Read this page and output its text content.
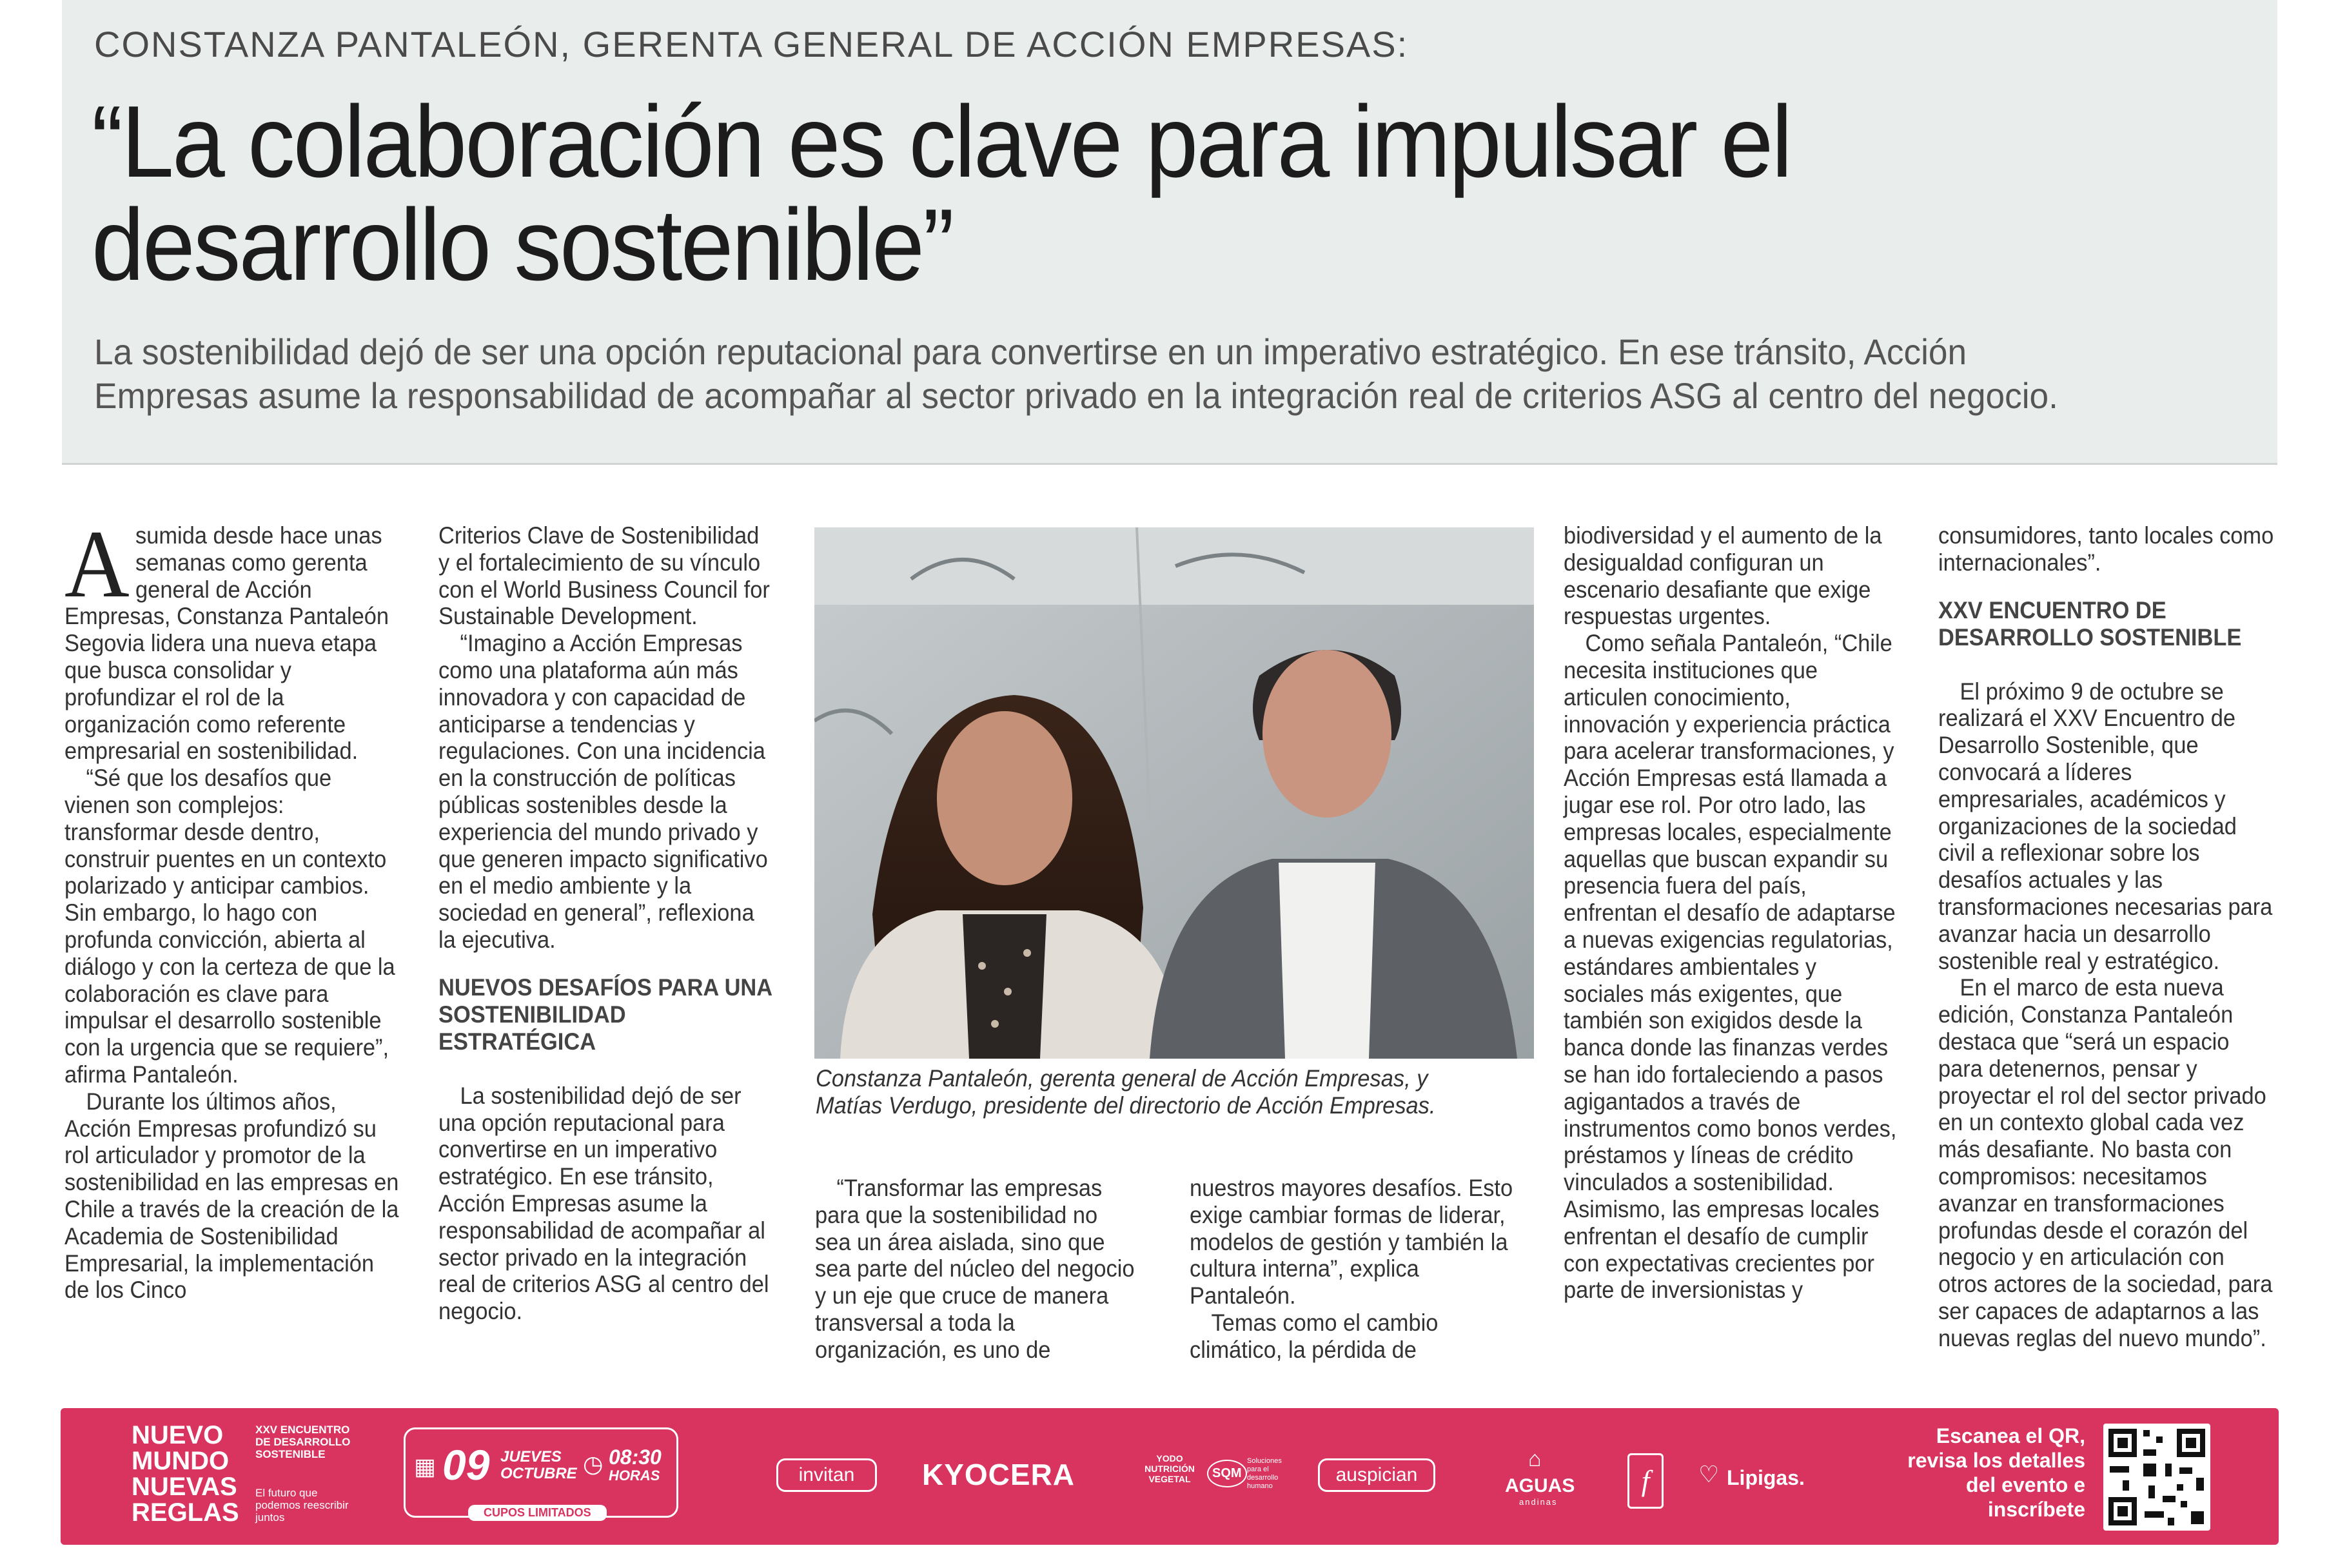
CONSTANZA PANTALEÓN, GERENTA GENERAL DE ACCIÓN EMPRESAS:
“La colaboración es clave para impulsar el desarrollo sostenible”
La sostenibilidad dejó de ser una opción reputacional para convertirse en un imperativo estratégico. En ese tránsito, Acción Empresas asume la responsabilidad de acompañar al sector privado en la integración real de criterios ASG al centro del negocio.
A sumida desde hace unas semanas como gerenta general de Acción Empresas, Constanza Pantaleón Segovia lidera una nueva etapa que busca consolidar y profundizar el rol de la organización como referente empresarial en sostenibilidad.

“Sé que los desafíos que vienen son complejos: transformar desde dentro, construir puentes en un contexto polarizado y anticipar cambios. Sin embargo, lo hago con profunda convicción, abierta al diálogo y con la certeza de que la colaboración es clave para impulsar el desarrollo sostenible con la urgencia que se requiere”, afirma Pantaleón.

Durante los últimos años, Acción Empresas profundizó su rol articulador y promotor de la sostenibilidad en las empresas en Chile a través de la creación de la Academia de Sostenibilidad Empresarial, la implementación de los Cinco

Criterios Clave de Sostenibilidad y el fortalecimiento de su vínculo con el World Business Council for Sustainable Development.

“Imagino a Acción Empresas como una plataforma aún más innovadora y con capacidad de anticiparse a tendencias y regulaciones. Con una incidencia en la construcción de políticas públicas sostenibles desde la experiencia del mundo privado y que generen impacto significativo en el medio ambiente y la sociedad en general”, reflexiona la ejecutiva.

NUEVOS DESAFÍOS PARA UNA SOSTENIBILIDAD ESTRATÉGICA

La sostenibilidad dejó de ser una opción reputacional para convertirse en un imperativo estratégico. En ese tránsito, Acción Empresas asume la responsabilidad de acompañar al sector privado en la integración real de criterios ASG al centro del negocio.

Constanza Pantaleón, gerenta general de Acción Empresas, y Matías Verdugo, presidente del directorio de Acción Empresas.

“Transformar las empresas para que la sostenibilidad no sea un área aislada, sino que sea parte del núcleo del negocio y un eje que cruce de manera transversal a toda la organización, es uno de

nuestros mayores desafíos. Esto exige cambiar formas de liderar, modelos de gestión y también la cultura interna”, explica Pantaleón.

Temas como el cambio climático, la pérdida de

biodiversidad y el aumento de la desigualdad configuran un escenario desafiante que exige respuestas urgentes.

Como señala Pantaleón, “Chile necesita instituciones que articulen conocimiento, innovación y experiencia práctica para acelerar transformaciones, y Acción Empresas está llamada a jugar ese rol. Por otro lado, las empresas locales, especialmente aquellas que buscan expandir su presencia fuera del país, enfrentan el desafío de adaptarse a nuevas exigencias regulatorias, estándares ambientales y sociales más exigentes, que también son exigidos desde la banca donde las finanzas verdes se han ido fortaleciendo a pasos agigantados a través de instrumentos como bonos verdes, préstamos y líneas de crédito vinculados a sostenibilidad. Asimismo, las empresas locales enfrentan el desafío de cumplir con expectativas crecientes por parte de inversionistas y

consumidores, tanto locales como internacionales”.

XXV ENCUENTRO DE DESARROLLO SOSTENIBLE

El próximo 9 de octubre se realizará el XXV Encuentro de Desarrollo Sostenible, que convocará a líderes empresariales, académicos y organizaciones de la sociedad civil a reflexionar sobre los desafíos actuales y las transformaciones necesarias para avanzar hacia un desarrollo sostenible real y estratégico.

En el marco de esta nueva edición, Constanza Pantaleón destaca que “será un espacio para detenernos, pensar y proyectar el rol del sector privado en un contexto global cada vez más desafiante. No basta con compromisos: necesitamos avanzar en transformaciones profundas desde el corazón del negocio y en articulación con otros actores de la sociedad, para ser capaces de adaptarnos a las nuevas reglas del nuevo mundo”.

NUEVO
MUNDO
NUEVAS
REGLAS
XXV ENCUENTRO DE DESARROLLO SOSTENIBLE
El futuro que podemos reescribir juntos
▦ 09 JUEVES
OCTUBRE ◷ 08:30
HORAS
CUPOS LIMITADOS
invitan	KYOCERA	YODO NUTRICIÓN VEGETAL	SQM
Soluciones para el desarrollo humano
auspician
⌂
AGUAS
andinas
f	♡ Lipigas.
Escanea el QR, revisa los detalles del evento e inscríbete
